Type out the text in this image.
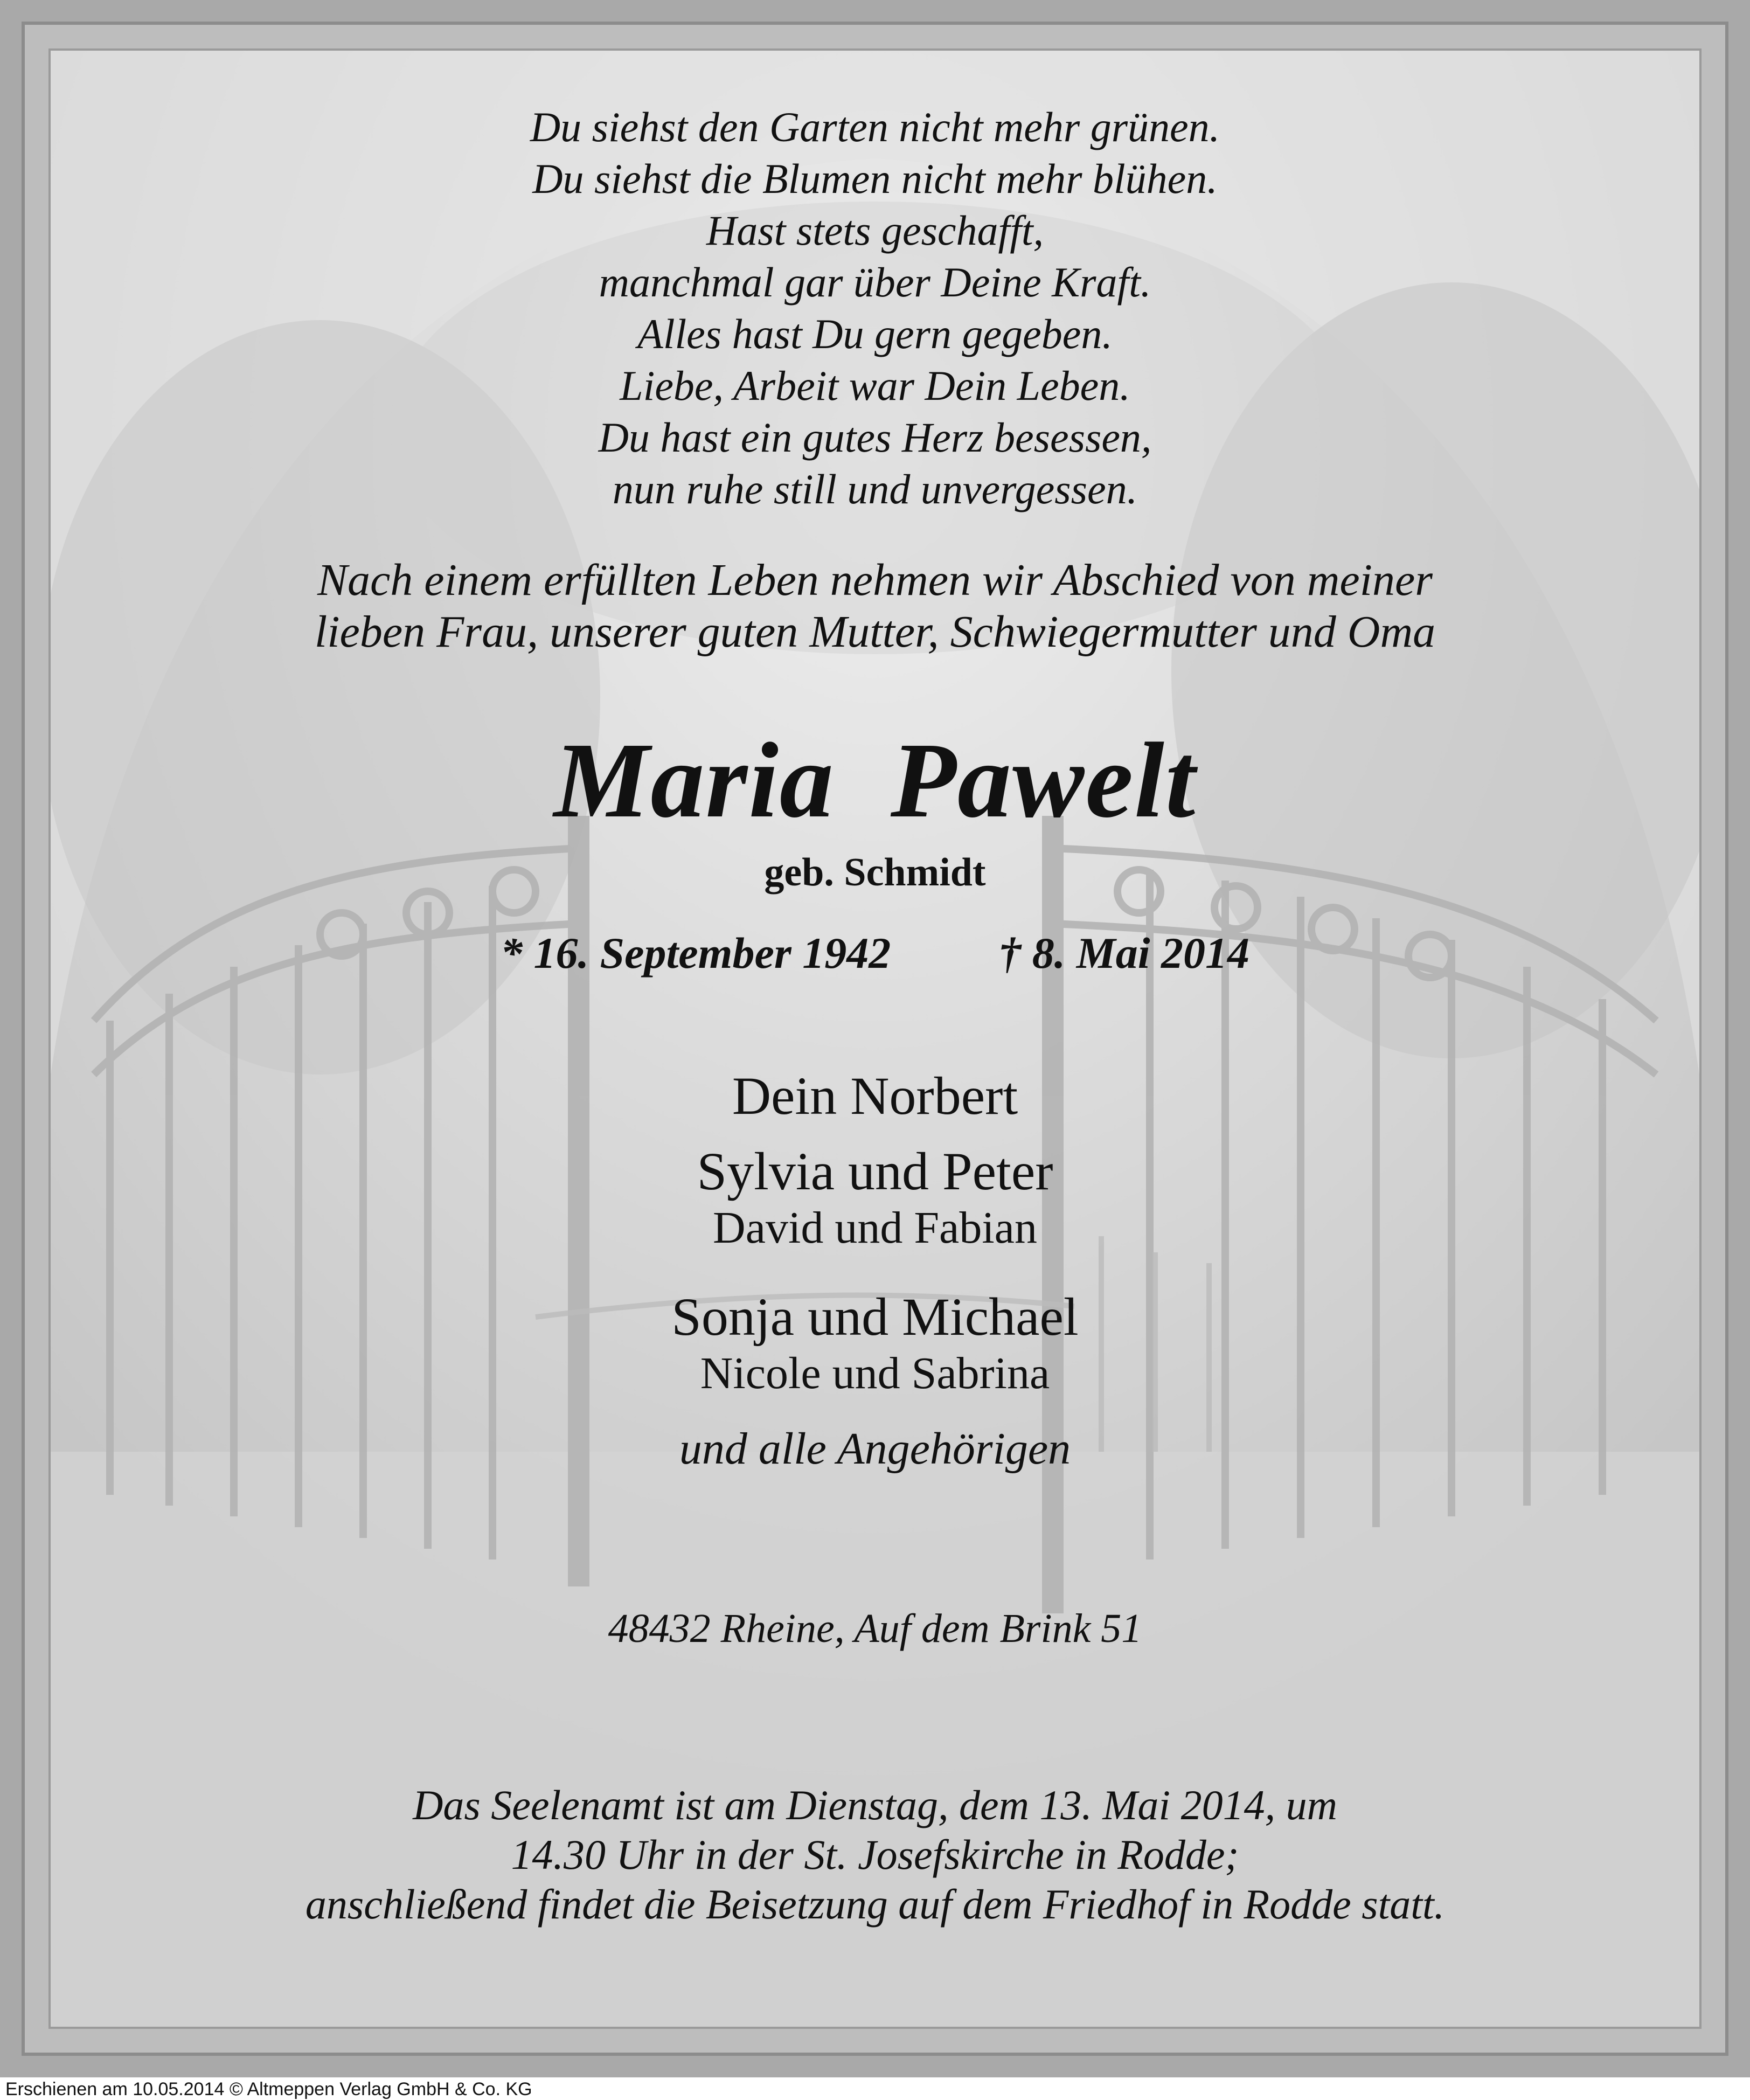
Du siehst den Garten nicht mehr grünen.
Du siehst die Blumen nicht mehr blühen.
Hast stets geschafft,
manchmal gar über Deine Kraft.
Alles hast Du gern gegeben.
Liebe, Arbeit war Dein Leben.
Du hast ein gutes Herz besessen,
nun ruhe still und unvergessen.
Nach einem erfüllten Leben nehmen wir Abschied von meiner
lieben Frau, unserer guten Mutter, Schwiegermutter und Oma
Maria  Pawelt
geb. Schmidt
* 16. September 1942 † 8. Mai 2014
Dein Norbert
Sylvia und Peter
David und Fabian
Sonja und Michael
Nicole und Sabrina
und alle Angehörigen
48432 Rheine, Auf dem Brink 51
Das Seelenamt ist am Dienstag, dem 13. Mai 2014, um
14.30 Uhr in der St. Josefskirche in Rodde;
anschließend findet die Beisetzung auf dem Friedhof in Rodde statt.
Erschienen am 10.05.2014 © Altmeppen Verlag GmbH & Co. KG
